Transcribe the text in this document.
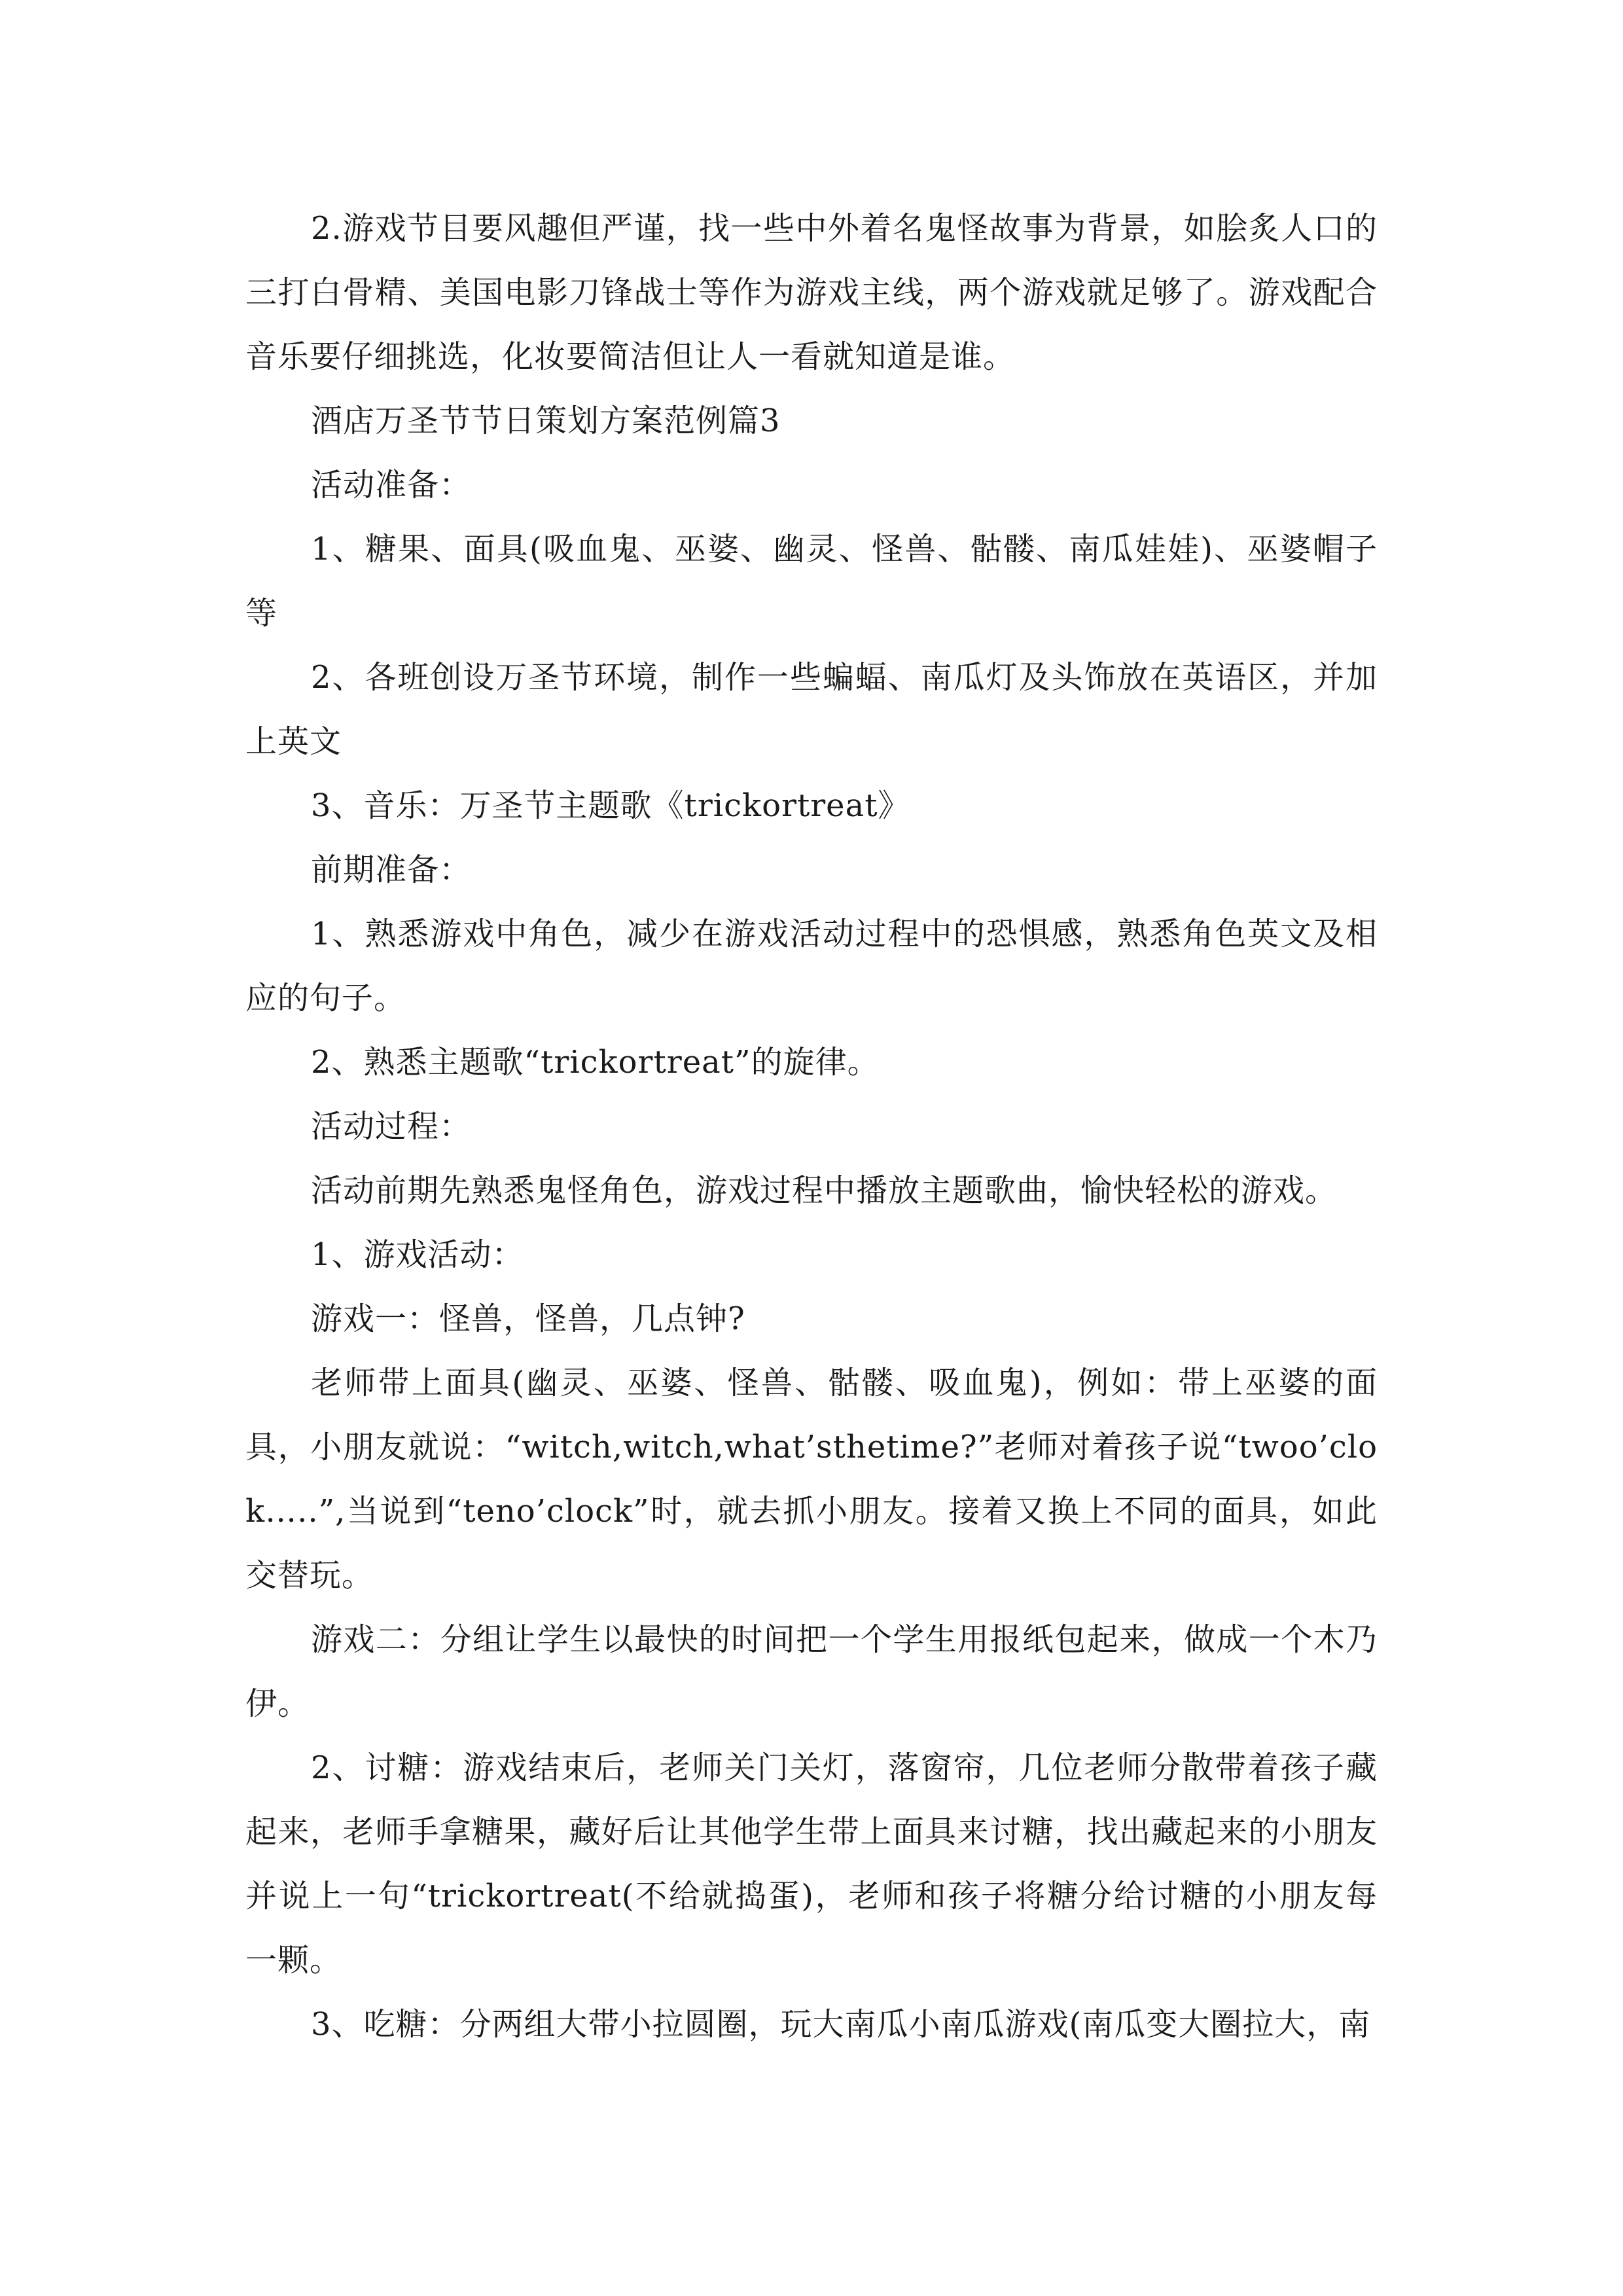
2.游戏节目要风趣但严谨，找一些中外着名鬼怪故事为背景，如脍炙人口的三打白骨精、美国电影刀锋战士等作为游戏主线，两个游戏就足够了。游戏配合音乐要仔细挑选，化妆要简洁但让人一看就知道是谁。

酒店万圣节节日策划方案范例篇3

活动准备：

1、糖果、面具(吸血鬼、巫婆、幽灵、怪兽、骷髅、南瓜娃娃)、巫婆帽子等

2、各班创设万圣节环境，制作一些蝙蝠、南瓜灯及头饰放在英语区，并加上英文

3、音乐：万圣节主题歌《trickortreat》

前期准备：

1、熟悉游戏中角色，减少在游戏活动过程中的恐惧感，熟悉角色英文及相应的句子。

2、熟悉主题歌“trickortreat”的旋律。

活动过程：

活动前期先熟悉鬼怪角色，游戏过程中播放主题歌曲，愉快轻松的游戏。

1、游戏活动：

游戏一：怪兽，怪兽，几点钟?

老师带上面具(幽灵、巫婆、怪兽、骷髅、吸血鬼)，例如：带上巫婆的面具，小朋友就说：“witch,witch,what’sthetime?”老师对着孩子说“twoo’clok…..”,当说到“teno’clock”时，就去抓小朋友。接着又换上不同的面具，如此交替玩。

游戏二：分组让学生以最快的时间把一个学生用报纸包起来，做成一个木乃伊。

2、讨糖：游戏结束后，老师关门关灯，落窗帘，几位老师分散带着孩子藏起来，老师手拿糖果，藏好后让其他学生带上面具来讨糖，找出藏起来的小朋友并说上一句“trickortreat(不给就捣蛋)，老师和孩子将糖分给讨糖的小朋友每一颗。

3、吃糖：分两组大带小拉圆圈，玩大南瓜小南瓜游戏(南瓜变大圈拉大，南
